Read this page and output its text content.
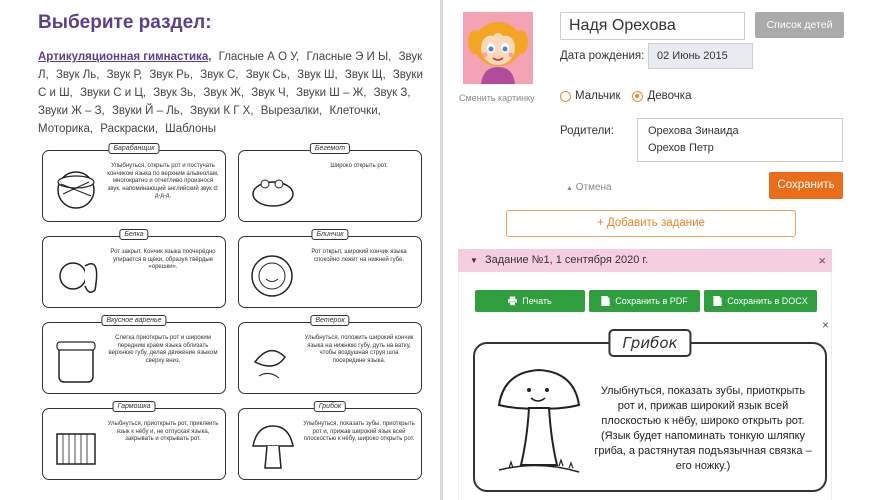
Выберите раздел:
Артикуляционная гимнастика, Гласные А О У, Гласные Э И Ы, Звук Л, Звук Ль, Звук Р, Звук Рь, Звук С, Звук Сь, Звук Ш, Звук Щ, Звуки С и Ш, Звуки С и Ц, Звук Зь, Звук Ж, Звук Ч, Звуки Ш – Ж, Звук З, Звуки Ж – З, Звуки Й – Ль, Звуки К Г Х, Вырезалки, Клеточки, Моторика, Раскраски, Шаблоны
Барабанщик
Улыбнуться, открыть рот и постучать кончиком языка по верхним альвеолам, многократно и отчетливо произнося звук, напоминающий английский звук d: д-д-д.
Бегемот
Широко открыть рот.
Белка
Рот закрыт. Кончик языка поочерёдно упирается в щёки, образуя твёрдые «орешки».
Блинчик
Рот открыт, широкий кончик языка спокойно лежит на нижней губе.
Вкусное варенье
Слегка приоткрыть рот и широким передним краем языка облизать верхнюю губу, делая движение языком сверху вниз.
Ветерок
Улыбнуться, положить широкий кончик языка на нижнюю губу, дуть на ватку, чтобы воздушная струя шла посередине языка.
Гармошка
Улыбнуться, приоткрыть рот, приклеить язык к нёбу и, не отпуская языка, закрывать и открывать рот.
Грибок
Улыбнуться, показать зубы, приоткрыть рот и, прижав широкий язык всей плоскостью к нёбу, широко открыть рот.
Сменить картинку
Надя Орехова
Список детей
Дата рождения:	02 Июнь 2015
Мальчик Девочка
Родители:	Орехова Зинаида
Орехов Петр
▲ Отмена	Сохранить
+ Добавить задание
▼ Задание №1, 1 сентября 2020 г.	×
Печать	Сохранить в PDF	Сохранить в DOCX
×
Грибок
Улыбнуться, показать зубы, приоткрыть рот и, прижав широкий язык всей плоскостью к нёбу, широко открыть рот. (Язык будет напоминать тонкую шляпку гриба, а растянутая подъязычная связка – его ножку.)
